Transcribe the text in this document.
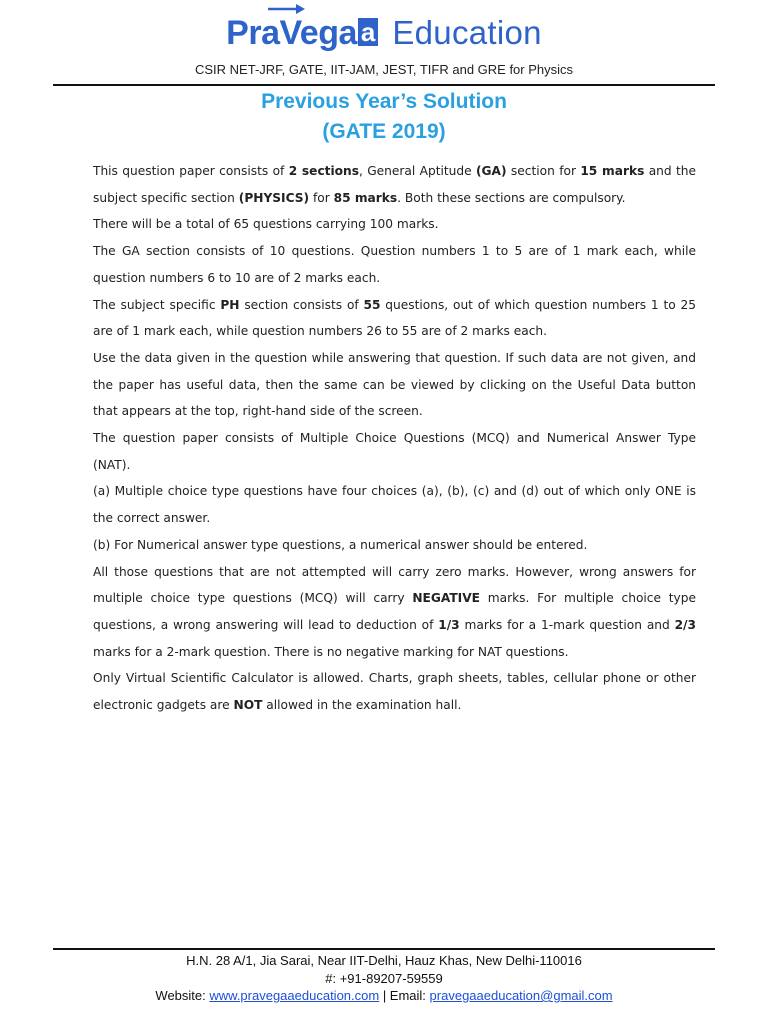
PraVega a Education
CSIR NET-JRF, GATE, IIT-JAM, JEST, TIFR and GRE for Physics
Previous Year’s Solution
(GATE 2019)

This question paper consists of 2 sections, General Aptitude (GA) section for 15 marks and the subject specific section (PHYSICS) for 85 marks. Both these sections are compulsory.

There will be a total of 65 questions carrying 100 marks.

The GA section consists of 10 questions. Question numbers 1 to 5 are of 1 mark each, while question numbers 6 to 10 are of 2 marks each.

The subject specific PH section consists of 55 questions, out of which question numbers 1 to 25 are of 1 mark each, while question numbers 26 to 55 are of 2 marks each.

Use the data given in the question while answering that question. If such data are not given, and the paper has useful data, then the same can be viewed by clicking on the Useful Data button that appears at the top, right-hand side of the screen.

The question paper consists of Multiple Choice Questions (MCQ) and Numerical Answer Type (NAT).

(a) Multiple choice type questions have four choices (a), (b), (c) and (d) out of which only ONE is the correct answer.

(b) For Numerical answer type questions, a numerical answer should be entered.

All those questions that are not attempted will carry zero marks. However, wrong answers for multiple choice type questions (MCQ) will carry NEGATIVE marks. For multiple choice type questions, a wrong answering will lead to deduction of 1/3 marks for a 1-mark question and 2/3 marks for a 2-mark question. There is no negative marking for NAT questions.

Only Virtual Scientific Calculator is allowed. Charts, graph sheets, tables, cellular phone or other electronic gadgets are NOT allowed in the examination hall.

H.N. 28 A/1, Jia Sarai, Near IIT-Delhi, Hauz Khas, New Delhi-110016
#: +91-89207-59559
Website: www.pravegaaeducation.com | Email: pravegaaeducation@gmail.com
